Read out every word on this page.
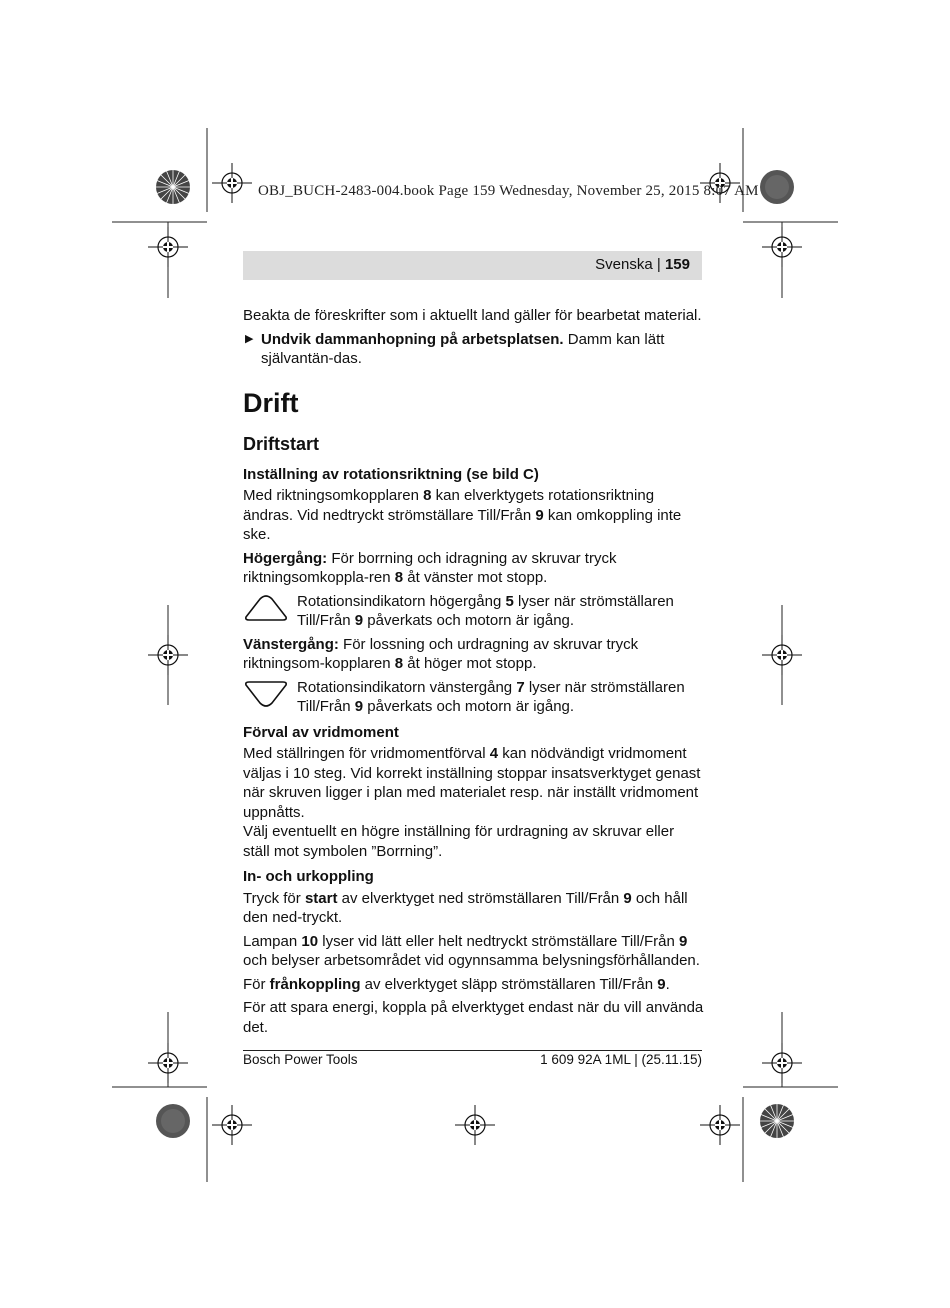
OBJ_BUCH-2483-004.book Page 159 Wednesday, November 25, 2015 8:07 AM
Svenska | 159

Beakta de föreskrifter som i aktuellt land gäller för bearbetat material.

▶ Undvik dammanhopning på arbetsplatsen. Damm kan lätt självantän-das.
Drift
Driftstart
Inställning av rotationsriktning (se bild C)

Med riktningsomkopplaren 8 kan elverktygets rotationsriktning ändras. Vid nedtryckt strömställare Till/Från 9 kan omkoppling inte ske.

Högergång: För borrning och idragning av skruvar tryck riktningsomkoppla-ren 8 åt vänster mot stopp.

Rotationsindikatorn högergång 5 lyser när strömställaren Till/Från 9 påverkats och motorn är igång.

Vänstergång: För lossning och urdragning av skruvar tryck riktningsom-kopplaren 8 åt höger mot stopp.

Rotationsindikatorn vänstergång 7 lyser när strömställaren Till/Från 9 påverkats och motorn är igång.
Förval av vridmoment

Med ställringen för vridmomentförval 4 kan nödvändigt vridmoment väljas i 10 steg. Vid korrekt inställning stoppar insatsverktyget genast när skruven ligger i plan med materialet resp. när inställt vridmoment uppnåtts.

Välj eventuellt en högre inställning för urdragning av skruvar eller ställ mot symbolen ”Borrning”.

In- och urkoppling

Tryck för start av elverktyget ned strömställaren Till/Från 9 och håll den ned-tryckt.

Lampan 10 lyser vid lätt eller helt nedtryckt strömställare Till/Från 9 och belyser arbetsområdet vid ogynnsamma belysningsförhållanden.

För frånkoppling av elverktyget släpp strömställaren Till/Från 9.

För att spara energi, koppla på elverktyget endast när du vill använda det.

Bosch Power Tools	1 609 92A 1ML | (25.11.15)
